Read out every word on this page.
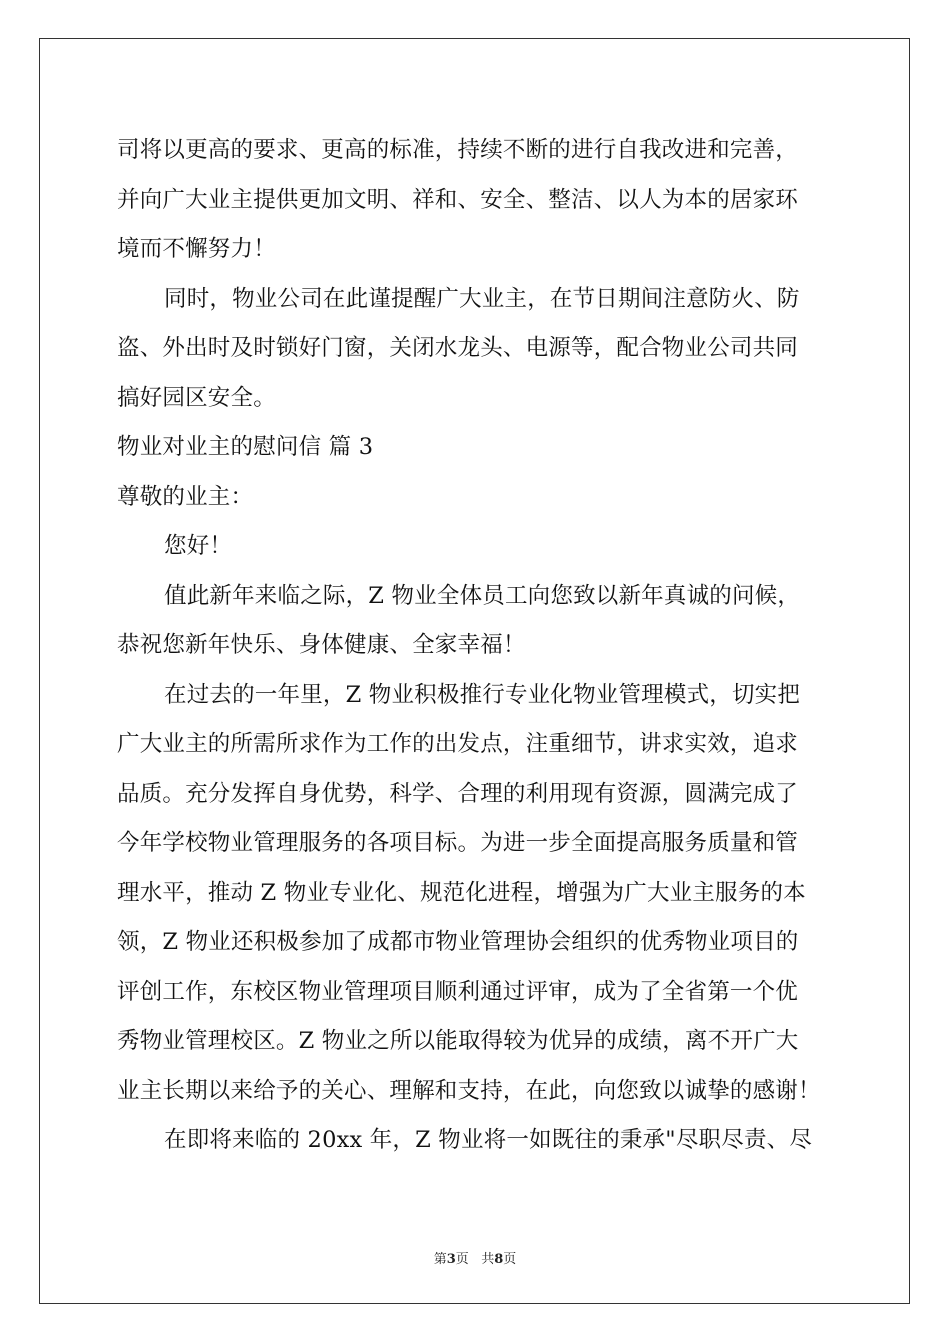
司将以更高的要求、更高的标准，持续不断的进行自我改进和完善，
并向广大业主提供更加文明、祥和、安全、整洁、以人为本的居家环
境而不懈努力！
同时，物业公司在此谨提醒广大业主，在节日期间注意防火、防
盗、外出时及时锁好门窗，关闭水龙头、电源等，配合物业公司共同
搞好园区安全。
物业对业主的慰问信 篇 3
尊敬的业主：
您好！
值此新年来临之际，Z 物业全体员工向您致以新年真诚的问候，
恭祝您新年快乐、身体健康、全家幸福！
在过去的一年里，Z 物业积极推行专业化物业管理模式，切实把
广大业主的所需所求作为工作的出发点，注重细节，讲求实效，追求
品质。充分发挥自身优势，科学、合理的利用现有资源，圆满完成了
今年学校物业管理服务的各项目标。为进一步全面提高服务质量和管
理水平，推动 Z 物业专业化、规范化进程，增强为广大业主服务的本
领，Z 物业还积极参加了成都市物业管理协会组织的优秀物业项目的
评创工作，东校区物业管理项目顺利通过评审，成为了全省第一个优
秀物业管理校区。Z 物业之所以能取得较为优异的成绩，离不开广大
业主长期以来给予的关心、理解和支持，在此，向您致以诚挚的感谢！
在即将来临的 20xx 年，Z 物业将一如既往的秉承"尽职尽责、尽
第3页 共8页
